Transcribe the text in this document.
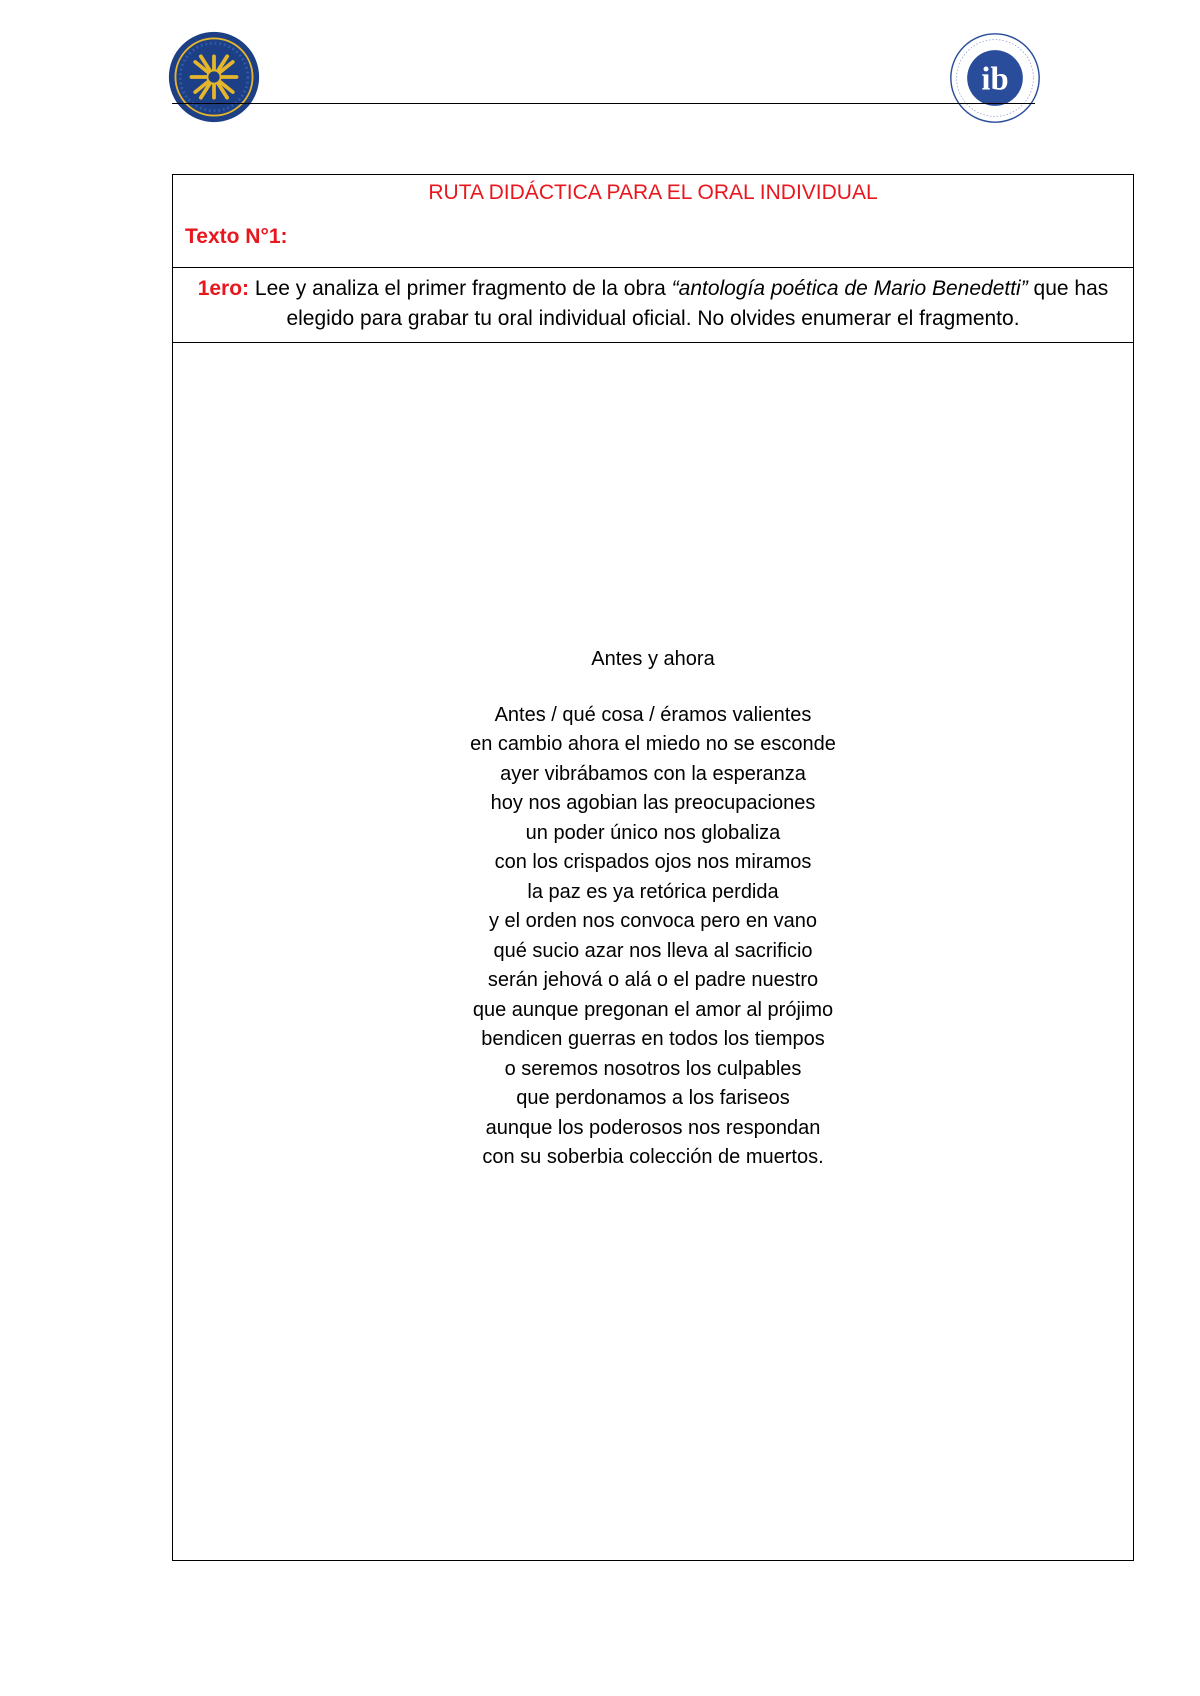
ib
RUTA DIDÁCTICA PARA EL ORAL INDIVIDUAL
Texto N°1:
1ero: Lee y analiza el primer fragmento de la obra “antología poética de Mario Benedetti” que has elegido para grabar tu oral individual oficial. No olvides enumerar el fragmento.
Antes y ahora
Antes / qué cosa / éramos valientes
en cambio ahora el miedo no se esconde
ayer vibrábamos con la esperanza
hoy nos agobian las preocupaciones
un poder único nos globaliza
con los crispados ojos nos miramos
la paz es ya retórica perdida
y el orden nos convoca pero en vano
qué sucio azar nos lleva al sacrificio
serán jehová o alá o el padre nuestro
que aunque pregonan el amor al prójimo
bendicen guerras en todos los tiempos
o seremos nosotros los culpables
que perdonamos a los fariseos
aunque los poderosos nos respondan
con su soberbia colección de muertos.
